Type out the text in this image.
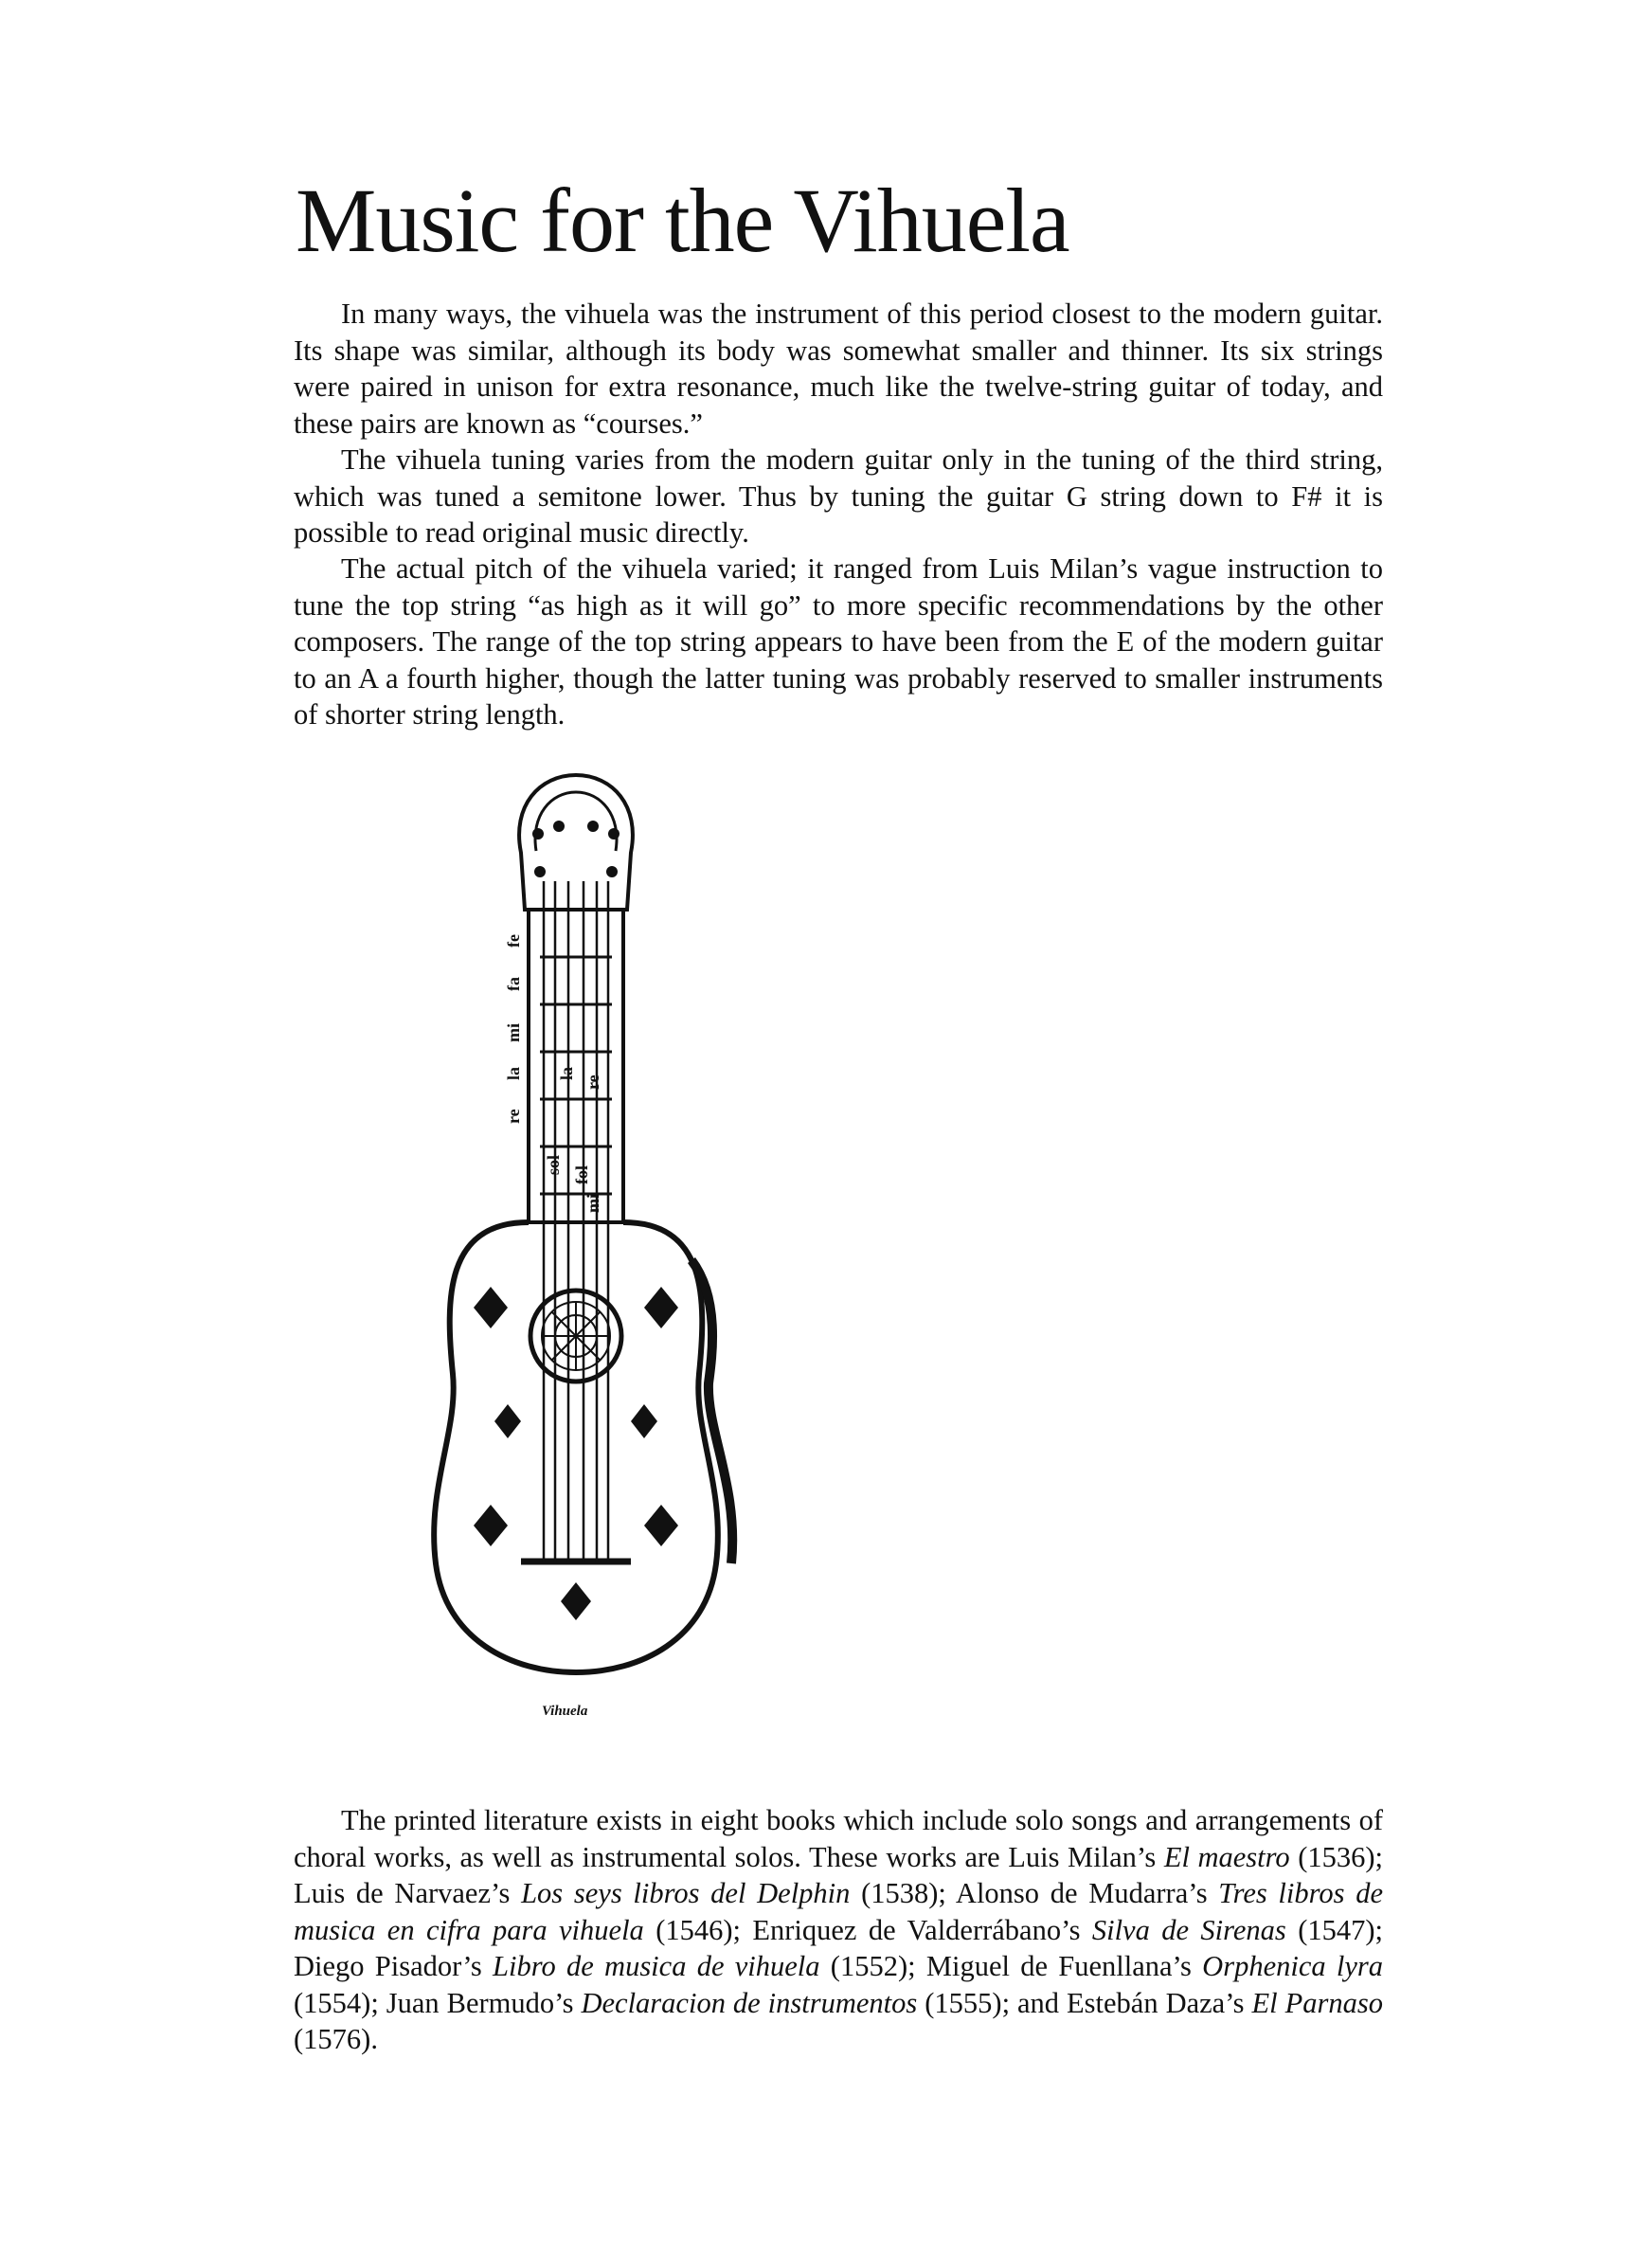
Music for the Vihuela

In many ways, the vihuela was the instrument of this period closest to the modern guitar. Its shape was similar, although its body was somewhat smaller and thinner. Its six strings were paired in unison for extra resonance, much like the twelve-string guitar of today, and these pairs are known as “courses.”

The vihuela tuning varies from the modern guitar only in the tuning of the third string, which was tuned a semitone lower. Thus by tuning the guitar G string down to F# it is possible to read original music directly.

The actual pitch of the vihuela varied; it ranged from Luis Milan’s vague instruction to tune the top string “as high as it will go” to more specific recommendations by the other composers. The range of the top string appears to have been from the E of the modern guitar to an A a fourth higher, though the latter tuning was probably reserved to smaller instruments of shorter string length.

fe
fa
mi
la
re
sol fol
re
la
mi
Vihuela

The printed literature exists in eight books which include solo songs and arrangements of choral works, as well as instrumental solos. These works are Luis Milan’s El maestro (1536); Luis de Narvaez’s Los seys libros del Delphin (1538); Alonso de Mudarra’s Tres libros de musica en cifra para vihuela (1546); Enriquez de Valderrábano’s Silva de Sirenas (1547); Diego Pisador’s Libro de musica de vihuela (1552); Miguel de Fuenllana’s Orphenica lyra (1554); Juan Bermudo’s Declaracion de instrumentos (1555); and Estebán Daza’s El Parnaso (1576).
